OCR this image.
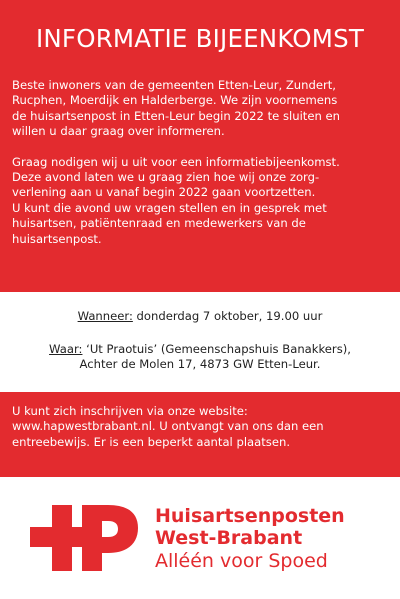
INFORMATIE BIJEENKOMST

Beste inwoners van de gemeenten Etten-Leur, Zundert,
Rucphen, Moerdijk en Halderberge. We zijn voornemens
de huisartsenpost in Etten-Leur begin 2022 te sluiten en
willen u daar graag over informeren.

Graag nodigen wij u uit voor een informatiebijeenkomst.
Deze avond laten we u graag zien hoe wij onze zorg-
verlening aan u vanaf begin 2022 gaan voortzetten.
U kunt die avond uw vragen stellen en in gesprek met
huisartsen, patiëntenraad en medewerkers van de
huisartsenpost.

Wanneer: donderdag 7 oktober, 19.00 uur
Waar: ‘Ut Praotuis’ (Gemeenschapshuis Banakkers),
Achter de Molen 17, 4873 GW Etten-Leur.

U kunt zich inschrijven via onze website:
www.hapwestbrabant.nl. U ontvangt van ons dan een
entreebewijs. Er is een beperkt aantal plaatsen.

Huisartsenposten
West-Brabant
Alléén voor Spoed
